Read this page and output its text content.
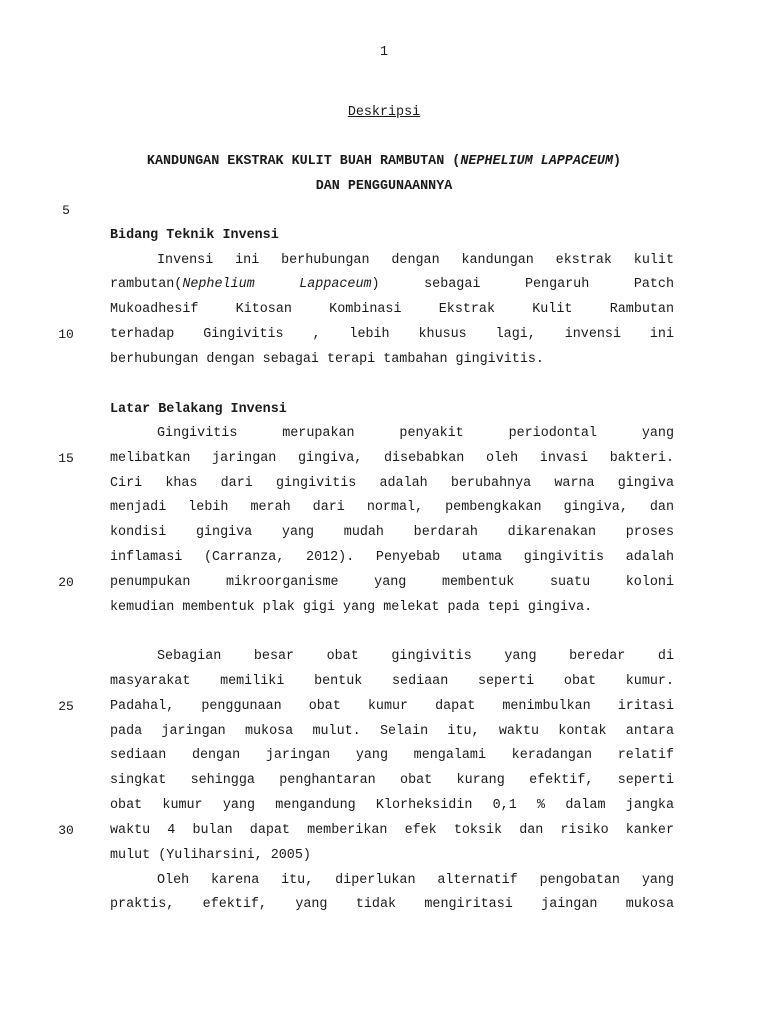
1
Deskripsi
KANDUNGAN EKSTRAK KULIT BUAH RAMBUTAN (NEPHELIUM LAPPACEUM)
DAN PENGGUNAANNYA
5
10
15
20
25
30
Bidang Teknik Invensi
Invensi ini berhubungan dengan kandungan ekstrak kulit
rambutan(Nephelium Lappaceum) sebagai Pengaruh Patch
Mukoadhesif Kitosan Kombinasi Ekstrak Kulit Rambutan
terhadap Gingivitis , lebih khusus lagi, invensi ini
berhubungan dengan sebagai terapi tambahan gingivitis.
Latar Belakang Invensi
Gingivitis merupakan penyakit periodontal yang
melibatkan jaringan gingiva, disebabkan oleh invasi bakteri.
Ciri khas dari gingivitis adalah berubahnya warna gingiva
menjadi lebih merah dari normal, pembengkakan gingiva, dan
kondisi gingiva yang mudah berdarah dikarenakan proses
inflamasi (Carranza, 2012). Penyebab utama gingivitis adalah
penumpukan mikroorganisme yang membentuk suatu koloni
kemudian membentuk plak gigi yang melekat pada tepi gingiva.
Sebagian besar obat gingivitis yang beredar di
masyarakat memiliki bentuk sediaan seperti obat kumur.
Padahal, penggunaan obat kumur dapat menimbulkan iritasi
pada jaringan mukosa mulut. Selain itu, waktu kontak antara
sediaan dengan jaringan yang mengalami keradangan relatif
singkat sehingga penghantaran obat kurang efektif, seperti
obat kumur yang mengandung Klorheksidin 0,1 % dalam jangka
waktu 4 bulan dapat memberikan efek toksik dan risiko kanker
mulut (Yuliharsini, 2005)
Oleh karena itu, diperlukan alternatif pengobatan yang
praktis, efektif, yang tidak mengiritasi jaingan mukosa
